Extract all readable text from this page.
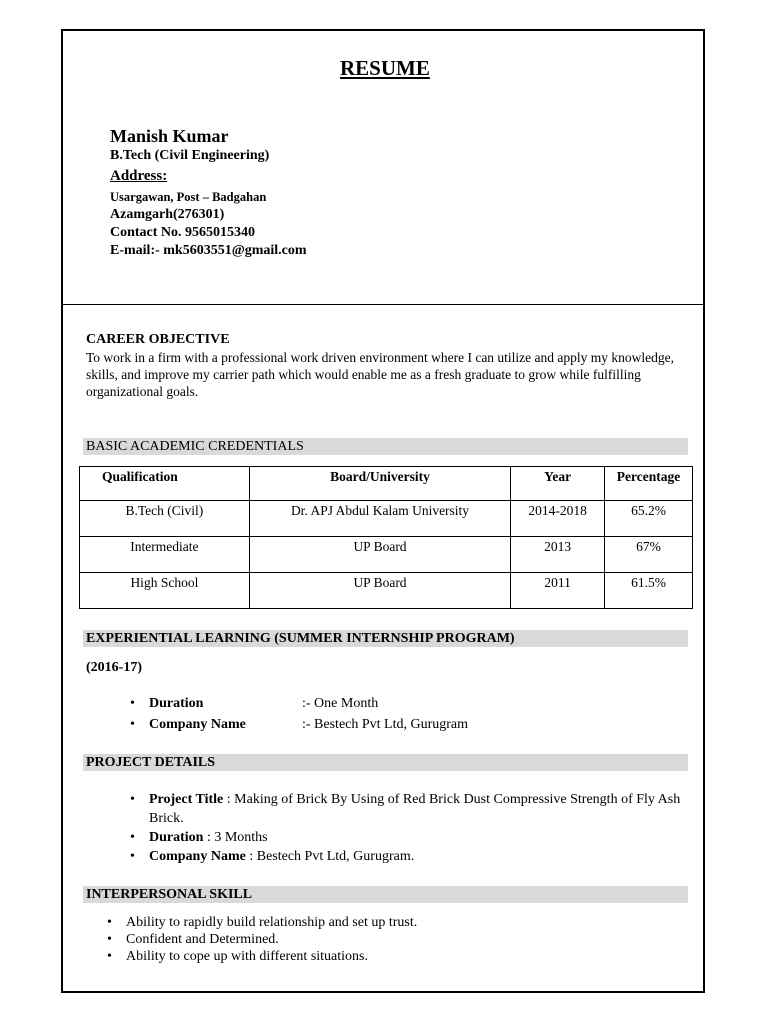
RESUME
Manish Kumar
B.Tech (Civil Engineering)
Address:
Usargawan, Post – Badgahan
Azamgarh(276301)
Contact No. 9565015340
E-mail:- mk5603551@gmail.com
CAREER OBJECTIVE
To work in a firm with a professional work driven environment where I can utilize and apply my knowledge, skills, and improve my carrier path which would enable me as a fresh graduate to grow while fulfilling organizational goals.
BASIC ACADEMIC CREDENTIALS
Qualification	Board/University	Year	Percentage
B.Tech (Civil)	Dr. APJ Abdul Kalam University	2014-2018	65.2%
Intermediate	UP Board	2013	67%
High School	UP Board	2011	61.5%
EXPERIENTIAL LEARNING (SUMMER INTERNSHIP PROGRAM)
(2016-17)
• Duration	:- One Month
• Company Name	:- Bestech Pvt Ltd, Gurugram
PROJECT DETAILS
• Project Title : Making of Brick By Using of Red Brick Dust Compressive Strength of Fly Ash Brick.
• Duration : 3 Months
• Company Name : Bestech Pvt Ltd, Gurugram.
INTERPERSONAL SKILL
• Ability to rapidly build relationship and set up trust.
• Confident and Determined.
• Ability to cope up with different situations.
